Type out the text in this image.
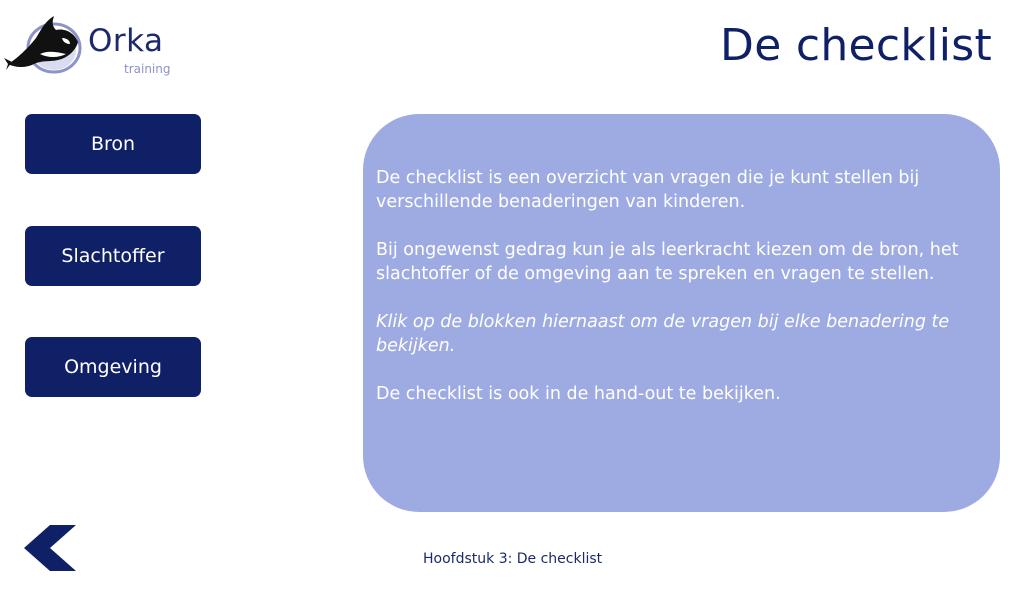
Orka
training	De checklist
Bron
Slachtoffer
Omgeving

De checklist is een overzicht van vragen die je kunt stellen bij verschillende benaderingen van kinderen.

Bij ongewenst gedrag kun je als leerkracht kiezen om de bron, het slachtoffer of de omgeving aan te spreken en vragen te stellen.

Klik op de blokken hiernaast om de vragen bij elke benadering te bekijken.

De checklist is ook in de hand-out te bekijken.

Hoofdstuk 3: De checklist
